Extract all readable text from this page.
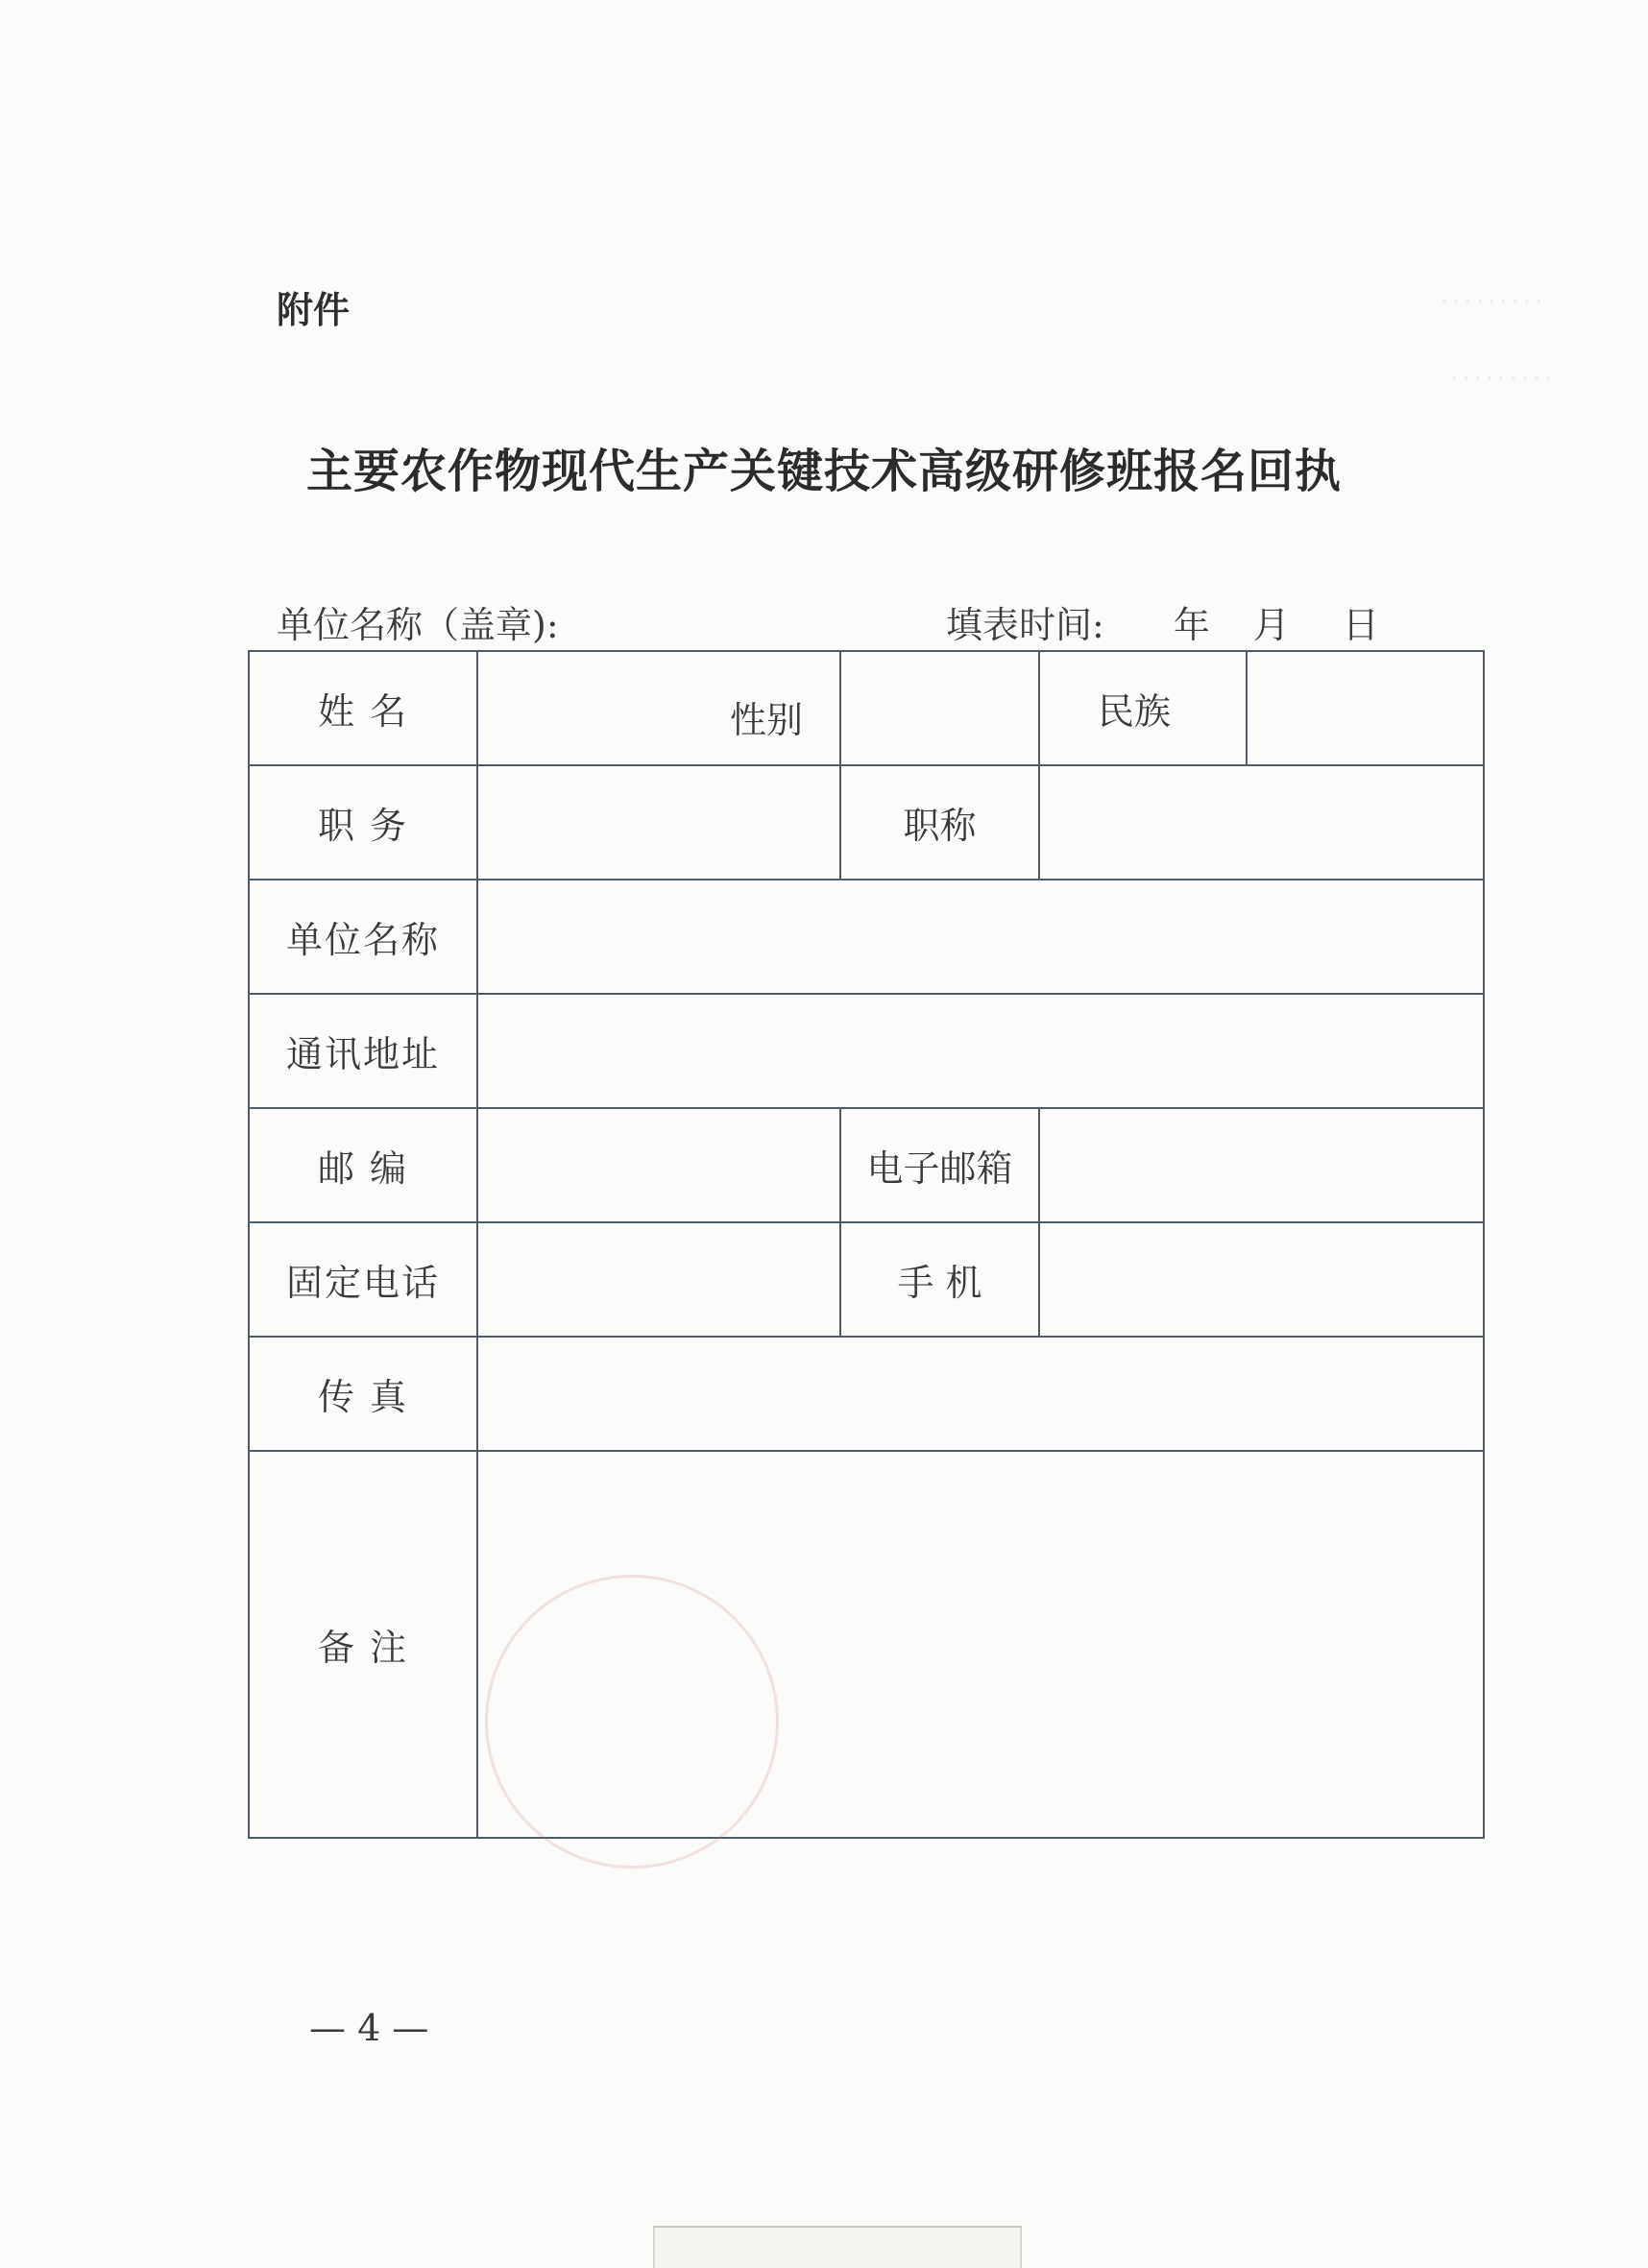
·········
·········
附件
主要农作物现代生产关键技术高级研修班报名回执
单位名称（盖章):	填表时间: 年 月 日
姓 名	性别		民族	
职 务		职称		
单位名称				
通讯地址				
邮 编		电子邮箱		
固定电话		手 机		
传 真				
备 注				
— 4 —
